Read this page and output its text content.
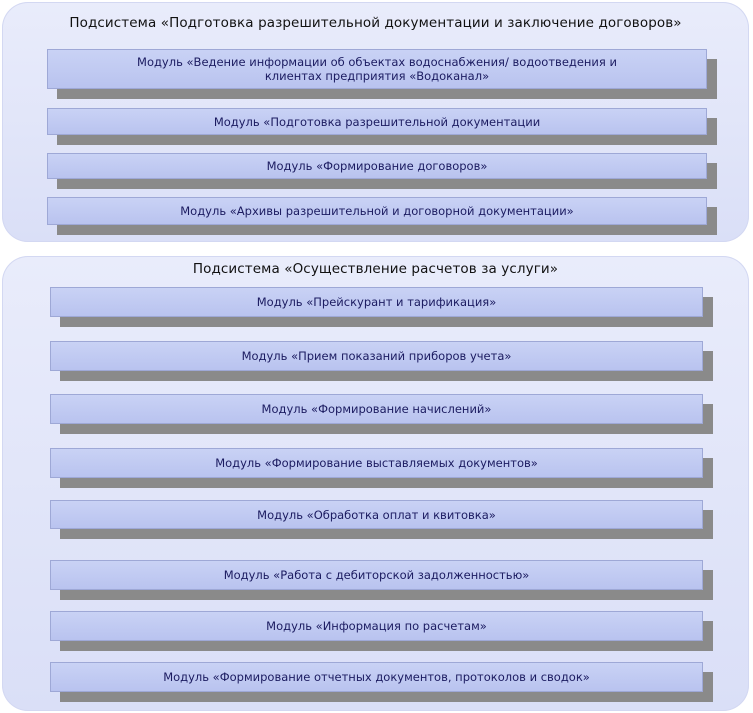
Подсистема «Подготовка разрешительной документации и заключение договоров»
Модуль «Ведение информации об объектах водоснабжения/ водоотведения и
клиентах предприятия «Водоканал»
Модуль «Подготовка разрешительной документации
Модуль «Формирование договоров»
Модуль «Архивы разрешительной и договорной документации»
Подсистема «Осуществление расчетов за услуги»
Модуль «Прейскурант и тарификация»
Модуль «Прием показаний приборов учета»
Модуль «Формирование начислений»
Модуль «Формирование выставляемых документов»
Модуль «Обработка оплат и квитовка»
Модуль «Работа с дебиторской задолженностью»
Модуль «Информация по расчетам»
Модуль «Формирование отчетных документов, протоколов и сводок»
